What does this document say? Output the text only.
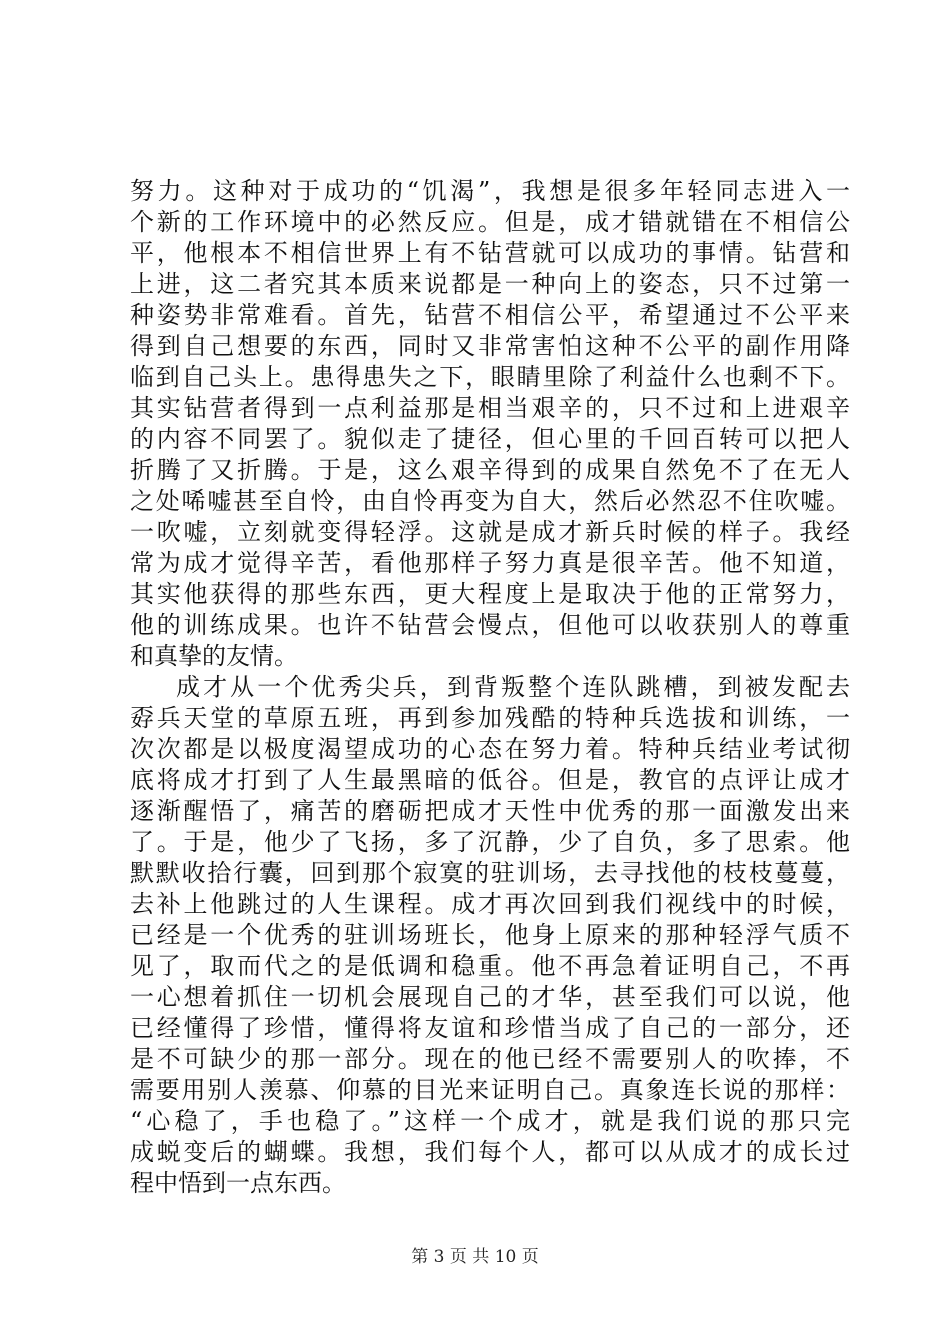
努力。这种对于成功的“饥渴”，我想是很多年轻同志进入一
个新的工作环境中的必然反应。但是，成才错就错在不相信公
平，他根本不相信世界上有不钻营就可以成功的事情。钻营和
上进，这二者究其本质来说都是一种向上的姿态，只不过第一
种姿势非常难看。首先，钻营不相信公平，希望通过不公平来
得到自己想要的东西，同时又非常害怕这种不公平的副作用降
临到自己头上。患得患失之下，眼睛里除了利益什么也剩不下。
其实钻营者得到一点利益那是相当艰辛的，只不过和上进艰辛
的内容不同罢了。貌似走了捷径，但心里的千回百转可以把人
折腾了又折腾。于是，这么艰辛得到的成果自然免不了在无人
之处唏嘘甚至自怜，由自怜再变为自大，然后必然忍不住吹嘘。
一吹嘘，立刻就变得轻浮。这就是成才新兵时候的样子。我经
常为成才觉得辛苦，看他那样子努力真是很辛苦。他不知道，
其实他获得的那些东西，更大程度上是取决于他的正常努力，
他的训练成果。也许不钻营会慢点，但他可以收获别人的尊重
和真挚的友情。
成才从一个优秀尖兵，到背叛整个连队跳槽，到被发配去
孬兵天堂的草原五班，再到参加残酷的特种兵选拔和训练，一
次次都是以极度渴望成功的心态在努力着。特种兵结业考试彻
底将成才打到了人生最黑暗的低谷。但是，教官的点评让成才
逐渐醒悟了，痛苦的磨砺把成才天性中优秀的那一面激发出来
了。于是，他少了飞扬，多了沉静，少了自负，多了思索。他
默默收拾行囊，回到那个寂寞的驻训场，去寻找他的枝枝蔓蔓，
去补上他跳过的人生课程。成才再次回到我们视线中的时候，
已经是一个优秀的驻训场班长，他身上原来的那种轻浮气质不
见了，取而代之的是低调和稳重。他不再急着证明自己，不再
一心想着抓住一切机会展现自己的才华，甚至我们可以说，他
已经懂得了珍惜，懂得将友谊和珍惜当成了自己的一部分，还
是不可缺少的那一部分。现在的他已经不需要别人的吹捧，不
需要用别人羡慕、仰慕的目光来证明自己。真象连长说的那样：
“心稳了，手也稳了。”这样一个成才，就是我们说的那只完
成蜕变后的蝴蝶。我想，我们每个人，都可以从成才的成长过
程中悟到一点东西。
第 3 页 共 10 页
